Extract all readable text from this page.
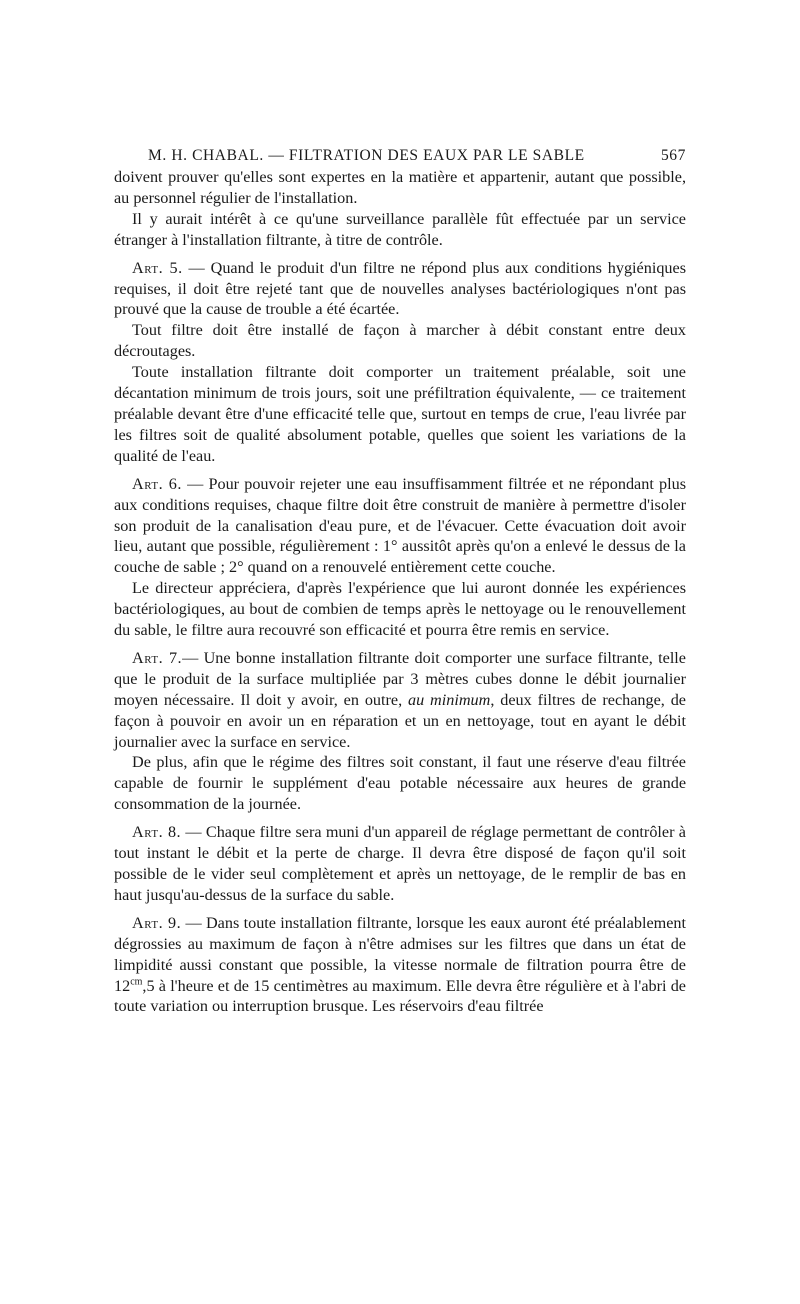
M. H. CHABAL. — FILTRATION DES EAUX PAR LE SABLE	567

doivent prouver qu'elles sont expertes en la matière et appartenir, autant que possible, au personnel régulier de l'installation.

Il y aurait intérêt à ce qu'une surveillance parallèle fût effectuée par un service étranger à l'installation filtrante, à titre de contrôle.

Art. 5. — Quand le produit d'un filtre ne répond plus aux conditions hygiéniques requises, il doit être rejeté tant que de nouvelles analyses bactériologiques n'ont pas prouvé que la cause de trouble a été écartée.

Tout filtre doit être installé de façon à marcher à débit constant entre deux décroutages.

Toute installation filtrante doit comporter un traitement préalable, soit une décantation minimum de trois jours, soit une préfiltration équivalente, — ce traitement préalable devant être d'une efficacité telle que, surtout en temps de crue, l'eau livrée par les filtres soit de qualité absolument potable, quelles que soient les variations de la qualité de l'eau.

Art. 6. — Pour pouvoir rejeter une eau insuffisamment filtrée et ne répondant plus aux conditions requises, chaque filtre doit être construit de manière à permettre d'isoler son produit de la canalisation d'eau pure, et de l'évacuer. Cette évacuation doit avoir lieu, autant que possible, régulièrement : 1° aussitôt après qu'on a enlevé le dessus de la couche de sable ; 2° quand on a renouvelé entièrement cette couche.

Le directeur appréciera, d'après l'expérience que lui auront donnée les expériences bactériologiques, au bout de combien de temps après le nettoyage ou le renouvellement du sable, le filtre aura recouvré son efficacité et pourra être remis en service.

Art. 7.— Une bonne installation filtrante doit comporter une surface filtrante, telle que le produit de la surface multipliée par 3 mètres cubes donne le débit journalier moyen nécessaire. Il doit y avoir, en outre, au minimum, deux filtres de rechange, de façon à pouvoir en avoir un en réparation et un en nettoyage, tout en ayant le débit journalier avec la surface en service.

De plus, afin que le régime des filtres soit constant, il faut une réserve d'eau filtrée capable de fournir le supplément d'eau potable nécessaire aux heures de grande consommation de la journée.

Art. 8. — Chaque filtre sera muni d'un appareil de réglage permettant de contrôler à tout instant le débit et la perte de charge. Il devra être disposé de façon qu'il soit possible de le vider seul complètement et après un nettoyage, de le remplir de bas en haut jusqu'au-dessus de la surface du sable.

Art. 9. — Dans toute installation filtrante, lorsque les eaux auront été préalablement dégrossies au maximum de façon à n'être admises sur les filtres que dans un état de limpidité aussi constant que possible, la vitesse normale de filtration pourra être de $12^{cm},5$ à l'heure et de 15 centimètres au maximum. Elle devra être régulière et à l'abri de toute variation ou interruption brusque. Les réservoirs d'eau filtrée
